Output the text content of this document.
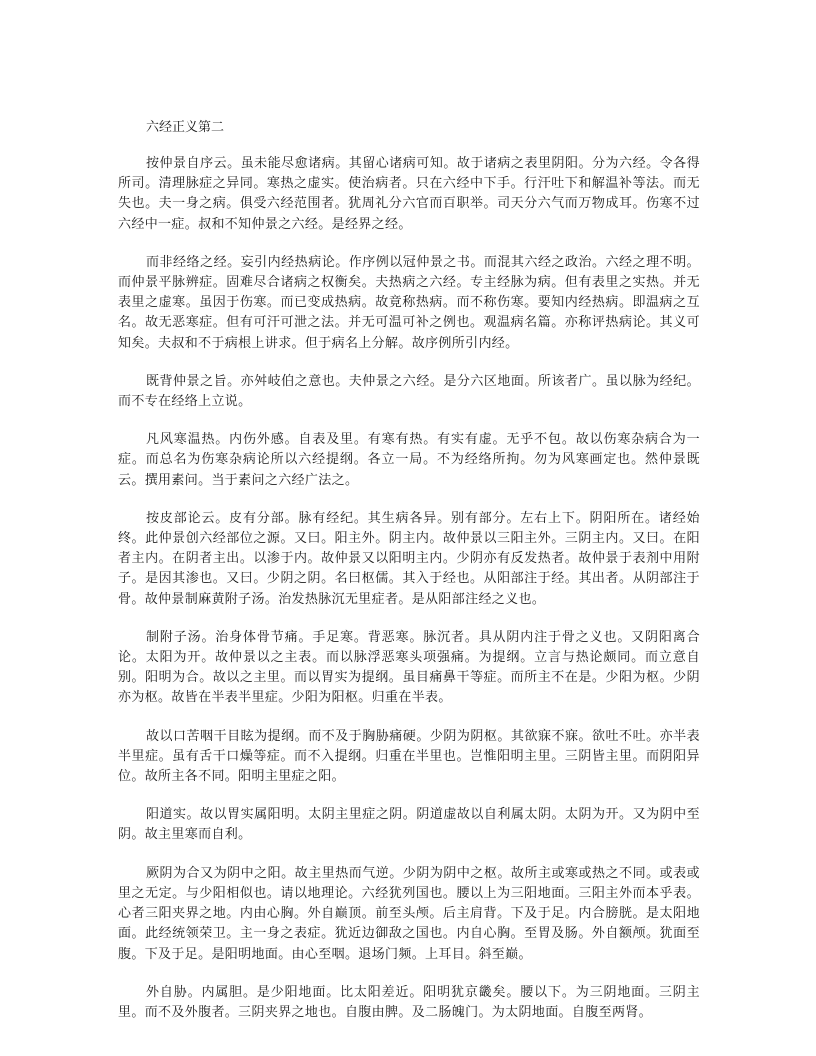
六经正义第二

按仲景自序云。虽未能尽愈诸病。其留心诸病可知。故于诸病之表里阴阳。分为六经。令各得所司。清理脉症之异同。寒热之虚实。使治病者。只在六经中下手。行汗吐下和解温补等法。而无失也。夫一身之病。俱受六经范围者。犹周礼分六官而百职举。司天分六气而万物成耳。伤寒不过六经中一症。叔和不知仲景之六经。是经界之经。

而非经络之经。妄引内经热病论。作序例以冠仲景之书。而混其六经之政治。六经之理不明。而仲景平脉辨症。固难尽合诸病之权衡矣。夫热病之六经。专主经脉为病。但有表里之实热。并无表里之虚寒。虽因于伤寒。而已变成热病。故竟称热病。而不称伤寒。要知内经热病。即温病之互名。故无恶寒症。但有可汗可泄之法。并无可温可补之例也。观温病名篇。亦称评热病论。其义可知矣。夫叔和不于病根上讲求。但于病名上分解。故序例所引内经。

既背仲景之旨。亦舛岐伯之意也。夫仲景之六经。是分六区地面。所该者广。虽以脉为经纪。而不专在经络上立说。

凡风寒温热。内伤外感。自表及里。有寒有热。有实有虚。无乎不包。故以伤寒杂病合为一症。而总名为伤寒杂病论所以六经提纲。各立一局。不为经络所拘。勿为风寒画定也。然仲景既云。撰用素问。当于素问之六经广法之。

按皮部论云。皮有分部。脉有经纪。其生病各异。别有部分。左右上下。阴阳所在。诸经始终。此仲景创六经部位之源。又曰。阳主外。阴主内。故仲景以三阳主外。三阴主内。又曰。在阳者主内。在阴者主出。以渗于内。故仲景又以阳明主内。少阴亦有反发热者。故仲景于表剂中用附子。是因其渗也。又曰。少阴之阴。名曰枢儒。其入于经也。从阳部注于经。其出者。从阴部注于骨。故仲景制麻黄附子汤。治发热脉沉无里症者。是从阳部注经之义也。

制附子汤。治身体骨节痛。手足寒。背恶寒。脉沉者。具从阴内注于骨之义也。又阴阳离合论。太阳为开。故仲景以之主表。而以脉浮恶寒头项强痛。为提纲。立言与热论颇同。而立意自别。阳明为合。故以之主里。而以胃实为提纲。虽目痛鼻干等症。而所主不在是。少阳为枢。少阴亦为枢。故皆在半表半里症。少阳为阳枢。归重在半表。

故以口苦咽干目眩为提纲。而不及于胸胁痛硬。少阴为阴枢。其欲寐不寐。欲吐不吐。亦半表半里症。虽有舌干口燥等症。而不入提纲。归重在半里也。岂惟阳明主里。三阴皆主里。而阴阳异位。故所主各不同。阳明主里症之阳。

阳道实。故以胃实属阳明。太阴主里症之阴。阴道虚故以自利属太阴。太阴为开。又为阴中至阴。故主里寒而自利。

厥阴为合又为阴中之阳。故主里热而气逆。少阴为阴中之枢。故所主或寒或热之不同。或表或里之无定。与少阳相似也。请以地理论。六经犹列国也。腰以上为三阳地面。三阳主外而本乎表。心者三阳夹界之地。内由心胸。外自巅顶。前至头颅。后主肩背。下及于足。内合膀胱。是太阳地面。此经统领荣卫。主一身之表症。犹近边御敌之国也。内自心胸。至胃及肠。外自额颅。犹面至腹。下及于足。是阳明地面。由心至咽。退场门频。上耳目。斜至巅。

外自胁。内属胆。是少阳地面。比太阳差近。阳明犹京畿矣。腰以下。为三阴地面。三阴主里。而不及外腹者。三阴夹界之地也。自腹由脾。及二肠魄门。为太阴地面。自腹至两肾。
